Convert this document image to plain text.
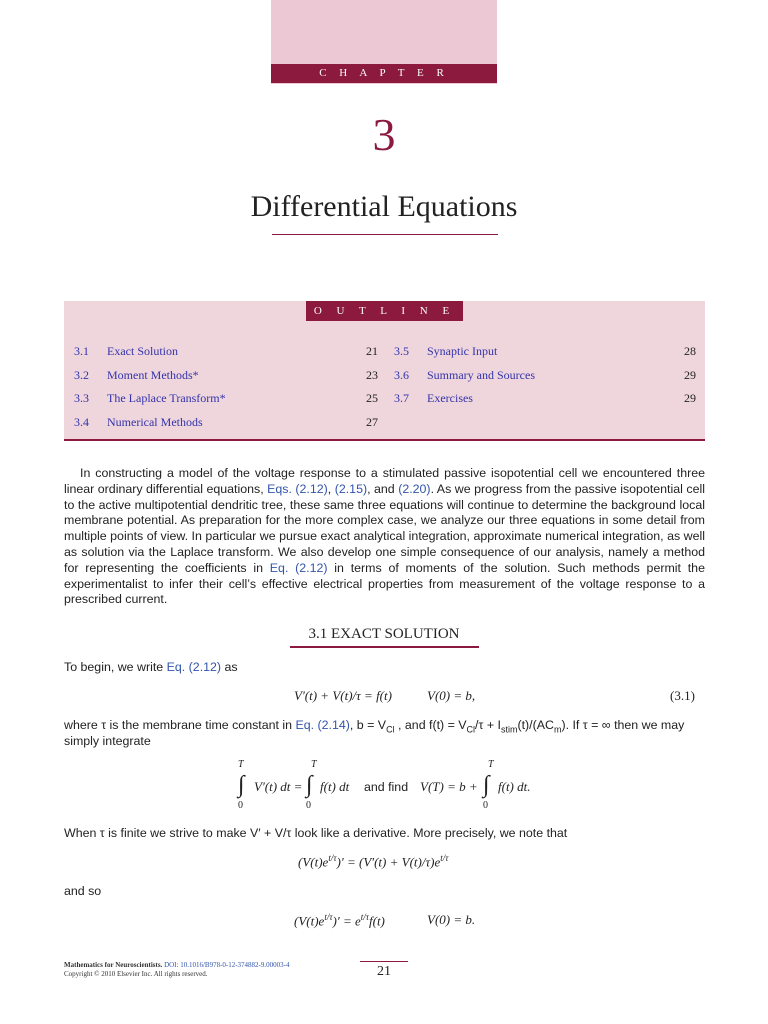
C H A P T E R
3
Differential Equations
O U T L I N E
3.1	Exact Solution	21
3.2	Moment Methods*	23
3.3	The Laplace Transform*	25
3.4	Numerical Methods	27
3.5	Synaptic Input	28
3.6	Summary and Sources	29
3.7	Exercises	29
In constructing a model of the voltage response to a stimulated passive isopotential cell we encountered three linear ordinary differential equations, Eqs. (2.12), (2.15), and (2.20). As we progress from the passive isopotential cell to the active multipotential dendritic tree, these same three equations will continue to determine the background local membrane potential. As preparation for the more complex case, we analyze our three equations in some detail from multiple points of view. In particular we pursue exact analytical integration, approximate numerical integration, as well as solution via the Laplace transform. We also develop one simple consequence of our analysis, namely a method for representing the coefficients in Eq. (2.12) in terms of moments of the solution. Such methods permit the experimentalist to infer their cell’s effective electrical properties from measurement of the voltage response to a prescribed current.
3.1 EXACT SOLUTION
To begin, we write Eq. (2.12) as
V′(t) + V(t)/τ = f(t)	V(0) = b,	(3.1)
where τ is the membrane time constant in Eq. (2.14), $b = V_{Cl}$ , and $f(t) = V_{Cl}/\tau + I_{stim}(t)/(AC_m)$. If τ = ∞ then we may
simply integrate
T
0
∫ V′(t) dt =
T
0
∫ f(t) dt and find V(T) = b +
T
0
∫ f(t) dt.
When τ is finite we strive to make V′ + V/τ look like a derivative. More precisely, we note that
$(V(t)e^{t/\tau})' = (V'(t) + V(t)/\tau)e^{t/\tau}$
and so
$(V(t)e^{t/\tau})' = e^{t/\tau}f(t)$	V(0) = b.
Mathematics for Neuroscientists. DOI: 10.1016/B978-0-12-374882-9.00003-4
Copyright © 2010 Elsevier Inc. All rights reserved.	21
